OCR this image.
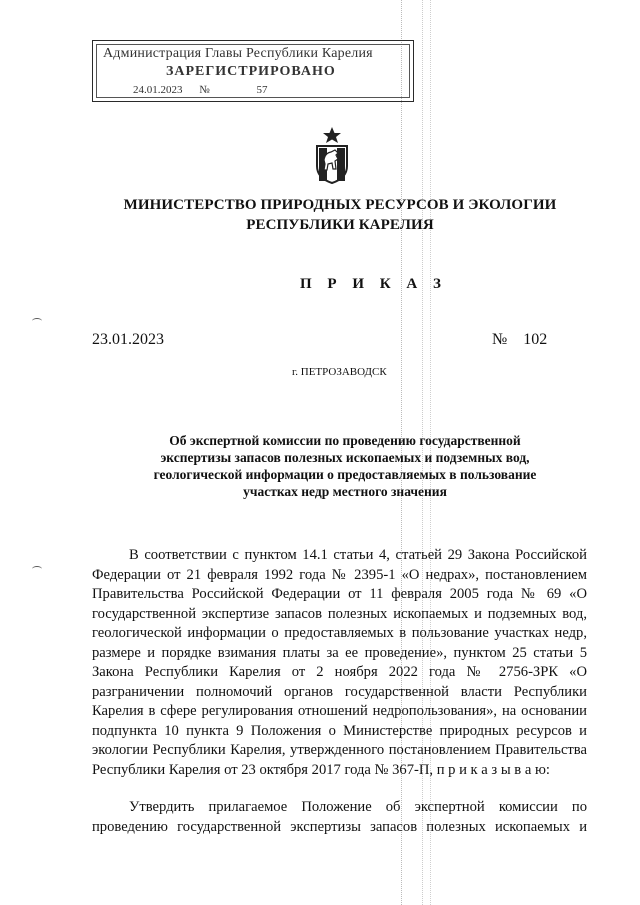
Администрация Главы Республики Карелия
ЗАРЕГИСТРИРОВАНО
24.01.2023 №	57
МИНИСТЕРСТВО ПРИРОДНЫХ РЕСУРСОВ И ЭКОЛОГИИ
РЕСПУБЛИКИ КАРЕЛИЯ
П Р И К А З
23.01.2023	№ 102
г. ПЕТРОЗАВОДСК
Об экспертной комиссии по проведению государственной
экспертизы запасов полезных ископаемых и подземных вод,
геологической информации о предоставляемых в пользование
участках недр местного значения
В соответствии с пунктом 14.1 статьи 4, статьей 29 Закона Российской
Федерации от 21 февраля 1992 года № 2395-1 «О недрах», постановлением
Правительства Российской Федерации от 11 февраля 2005 года № 69 «О
государственной экспертизе запасов полезных ископаемых и подземных вод,
геологической информации о предоставляемых в пользование участках недр,
размере и порядке взимания платы за ее проведение», пунктом 25 статьи 5
Закона Республики Карелия от 2 ноября 2022 года № 2756-ЗРК «О
разграничении полномочий органов государственной власти Республики
Карелия в сфере регулирования отношений недропользования», на основании
подпункта 10 пункта 9 Положения о Министерстве природных ресурсов и
экологии Республики Карелия, утвержденного постановлением Правительства
Республики Карелия от 23 октября 2017 года № 367-П, п р и к а з ы в а ю:
Утвердить прилагаемое Положение об экспертной комиссии по
проведению государственной экспертизы запасов полезных ископаемых и
